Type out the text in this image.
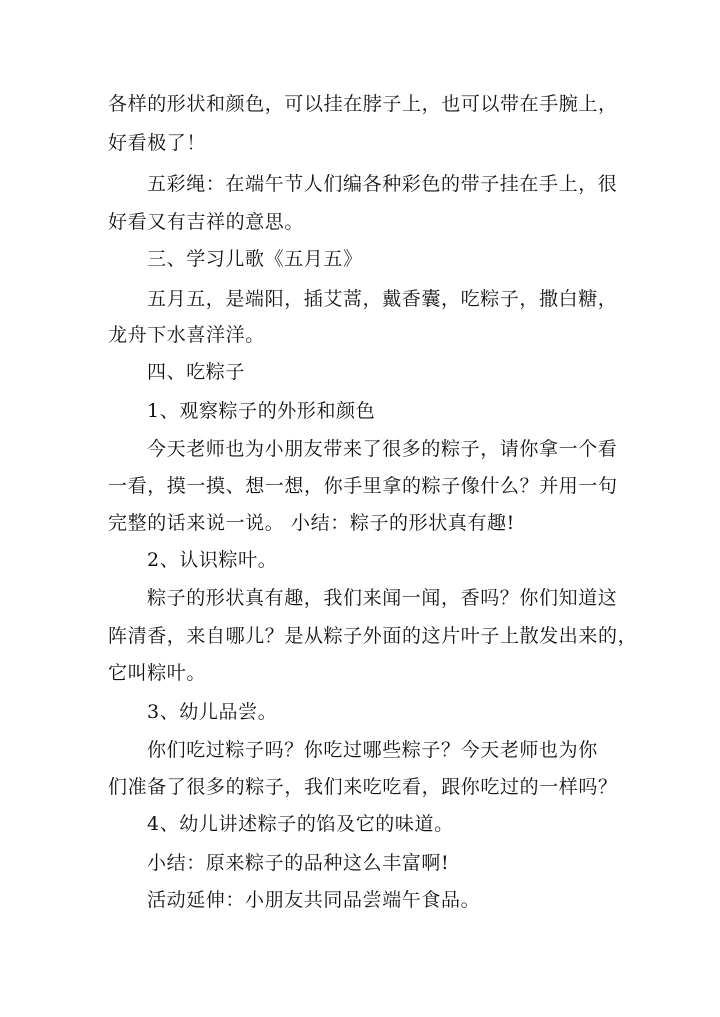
各样的形状和颜色，可以挂在脖子上，也可以带在手腕上，
好看极了！
五彩绳：在端午节人们编各种彩色的带子挂在手上，很
好看又有吉祥的意思。
三、学习儿歌《五月五》
五月五，是端阳，插艾蒿，戴香囊，吃粽子，撒白糖，
龙舟下水喜洋洋。
四、吃粽子
1、观察粽子的外形和颜色
今天老师也为小朋友带来了很多的粽子，请你拿一个看
一看，摸一摸、想一想，你手里拿的粽子像什么？并用一句
完整的话来说一说。 小结：粽子的形状真有趣!
2、认识粽叶。
粽子的形状真有趣，我们来闻一闻，香吗？你们知道这
阵清香，来自哪儿？是从粽子外面的这片叶子上散发出来的，
它叫粽叶。
3、幼儿品尝。
你们吃过粽子吗？你吃过哪些粽子？今天老师也为你
们准备了很多的粽子，我们来吃吃看，跟你吃过的一样吗？
4、幼儿讲述粽子的馅及它的味道。
小结：原来粽子的品种这么丰富啊!
活动延伸：小朋友共同品尝端午食品。
